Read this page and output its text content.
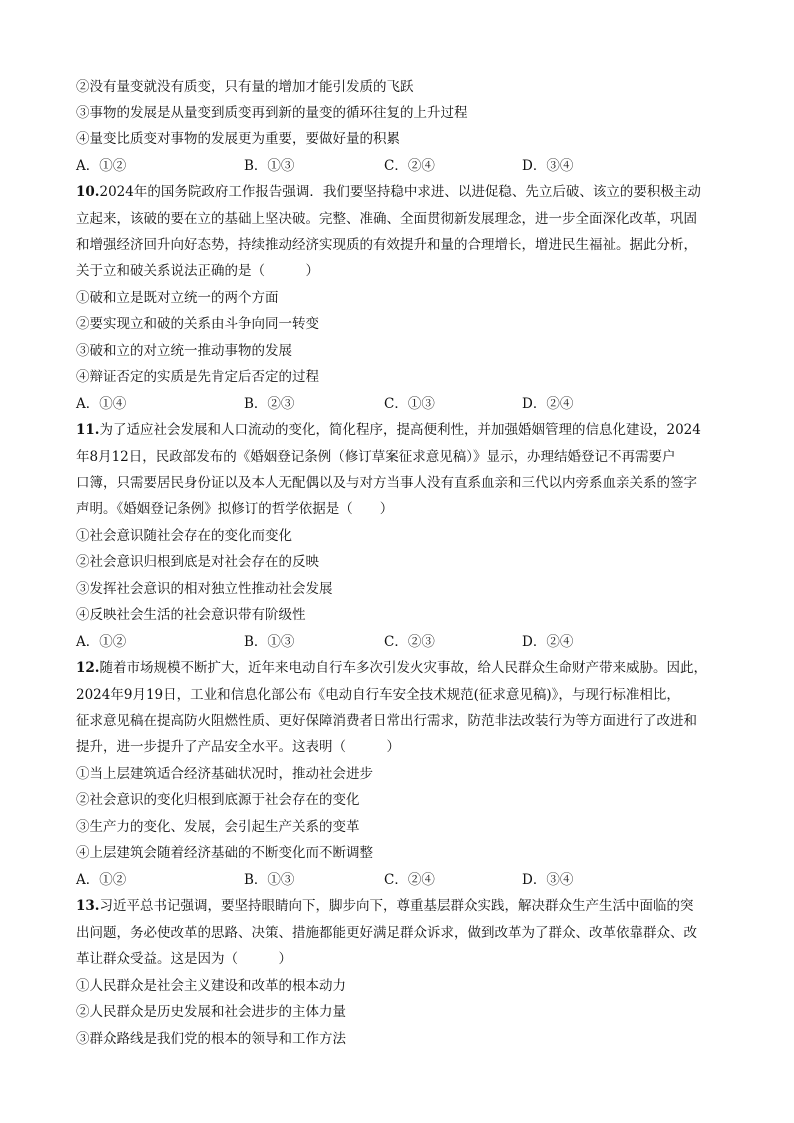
②没有量变就没有质变，只有量的增加才能引发质的飞跃
③事物的发展是从量变到质变再到新的量变的循环往复的上升过程
④量变比质变对事物的发展更为重要，要做好量的积累
A．①②	B．①③	C．②④	D．③④
10.2024年的国务院政府工作报告强调．我们要坚持稳中求进、以进促稳、先立后破、该立的要积极主动
立起来，该破的要在立的基础上坚决破。完整、准确、全面贯彻新发展理念，进一步全面深化改革，巩固
和增强经济回升向好态势，持续推动经济实现质的有效提升和量的合理增长，增进民生福祉。据此分析，
关于立和破关系说法正确的是（　　　）
①破和立是既对立统一的两个方面
②要实现立和破的关系由斗争向同一转变
③破和立的对立统一推动事物的发展
④辩证否定的实质是先肯定后否定的过程
A．①④	B．②③	C．①③	D．②④
11.为了适应社会发展和人口流动的变化，简化程序，提高便利性，并加强婚姻管理的信息化建设，2024
年8月12日，民政部发布的《婚姻登记条例（修订草案征求意见稿）》显示，办理结婚登记不再需要户
口簿，只需要居民身份证以及本人无配偶以及与对方当事人没有直系血亲和三代以内旁系血亲关系的签字
声明。《婚姻登记条例》拟修订的哲学依据是（　　）
①社会意识随社会存在的变化而变化
②社会意识归根到底是对社会存在的反映
③发挥社会意识的相对独立性推动社会发展
④反映社会生活的社会意识带有阶级性
A．①②	B．①③	C．②③	D．②④
12.随着市场规模不断扩大，近年来电动自行车多次引发火灾事故，给人民群众生命财产带来威胁。因此，
2024年9月19日，工业和信息化部公布《电动自行车安全技术规范(征求意见稿)》，与现行标准相比，
征求意见稿在提高防火阻燃性质、更好保障消费者日常出行需求，防范非法改装行为等方面进行了改进和
提升，进一步提升了产品安全水平。这表明（　　　）
①当上层建筑适合经济基础状况时，推动社会进步
②社会意识的变化归根到底源于社会存在的变化
③生产力的变化、发展，会引起生产关系的变革
④上层建筑会随着经济基础的不断变化而不断调整
A．①②	B．①③	C．②④	D．③④
13.习近平总书记强调，要坚持眼睛向下，脚步向下，尊重基层群众实践，解决群众生产生活中面临的突
出问题，务必使改革的思路、决策、措施都能更好满足群众诉求，做到改革为了群众、改革依靠群众、改
革让群众受益。这是因为（　　　）
①人民群众是社会主义建设和改革的根本动力
②人民群众是历史发展和社会进步的主体力量
③群众路线是我们党的根本的领导和工作方法
